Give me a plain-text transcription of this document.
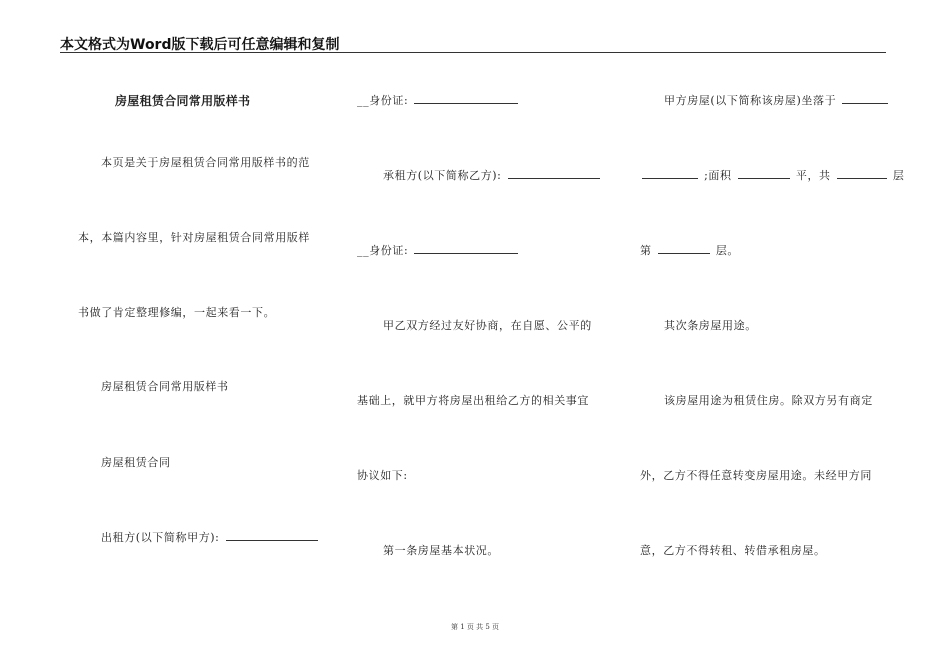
本文格式为Word版下载后可任意编辑和复制
房屋租赁合同常用版样书
本页是关于房屋租赁合同常用版样书的范
本，本篇内容里，针对房屋租赁合同常用版样
书做了肯定整理修编，一起来看一下。
房屋租赁合同常用版样书
房屋租赁合同
出租方(以下简称甲方):
__身份证:
承租方(以下简称乙方):
__身份证:
甲乙双方经过友好协商，在自愿、公平的
基础上，就甲方将房屋出租给乙方的相关事宜
协议如下:
第一条房屋基本状况。
甲方房屋(以下简称该房屋)坐落于
;面积	平，共	层
第	层。
其次条房屋用途。
该房屋用途为租赁住房。除双方另有商定
外，乙方不得任意转变房屋用途。未经甲方同
意，乙方不得转租、转借承租房屋。
第 1 页 共 5 页
